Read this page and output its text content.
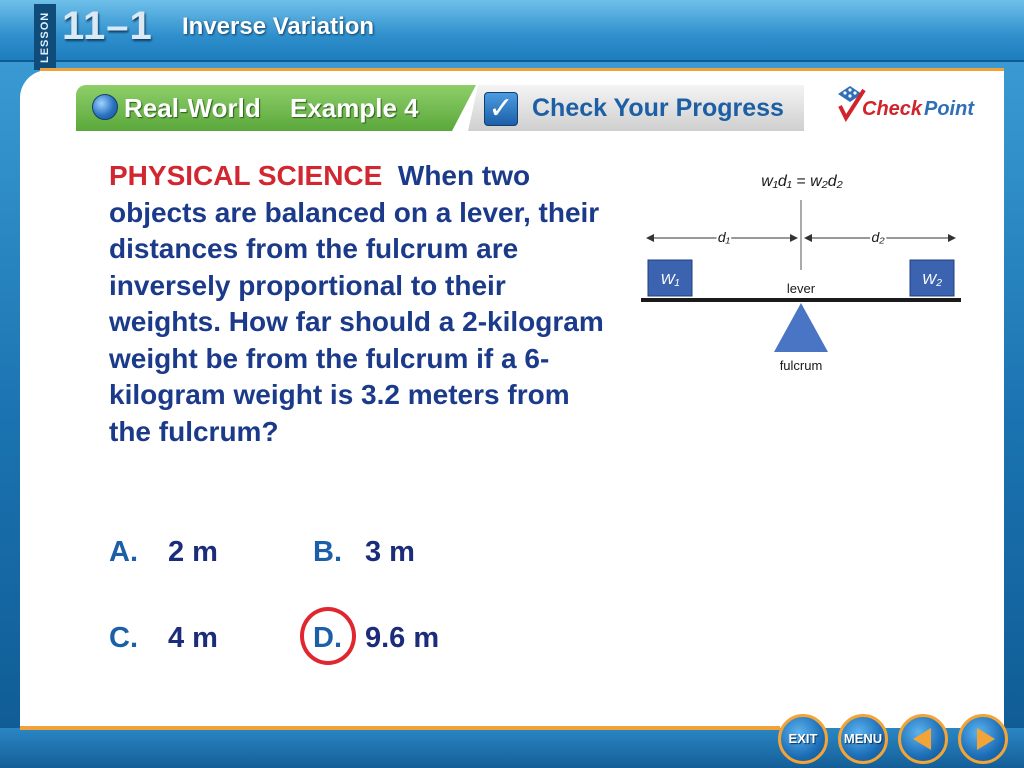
LESSON 11–1 Inverse Variation
Real-World Example 4 ✓ Check Your Progress	Check Point
PHYSICAL SCIENCE When two objects are balanced on a lever, their distances from the fulcrum are inversely proportional to their weights. How far should a 2-kilogram weight be from the fulcrum if a 6-kilogram weight is 3.2 meters from the fulcrum?
A. 2 m	B. 3 m
C. 4 m	D. 9.6 m
w₁d₁ = w₂d₂
d₁	d₂
W₁	W₂
lever
fulcrum
EXIT	MENU
